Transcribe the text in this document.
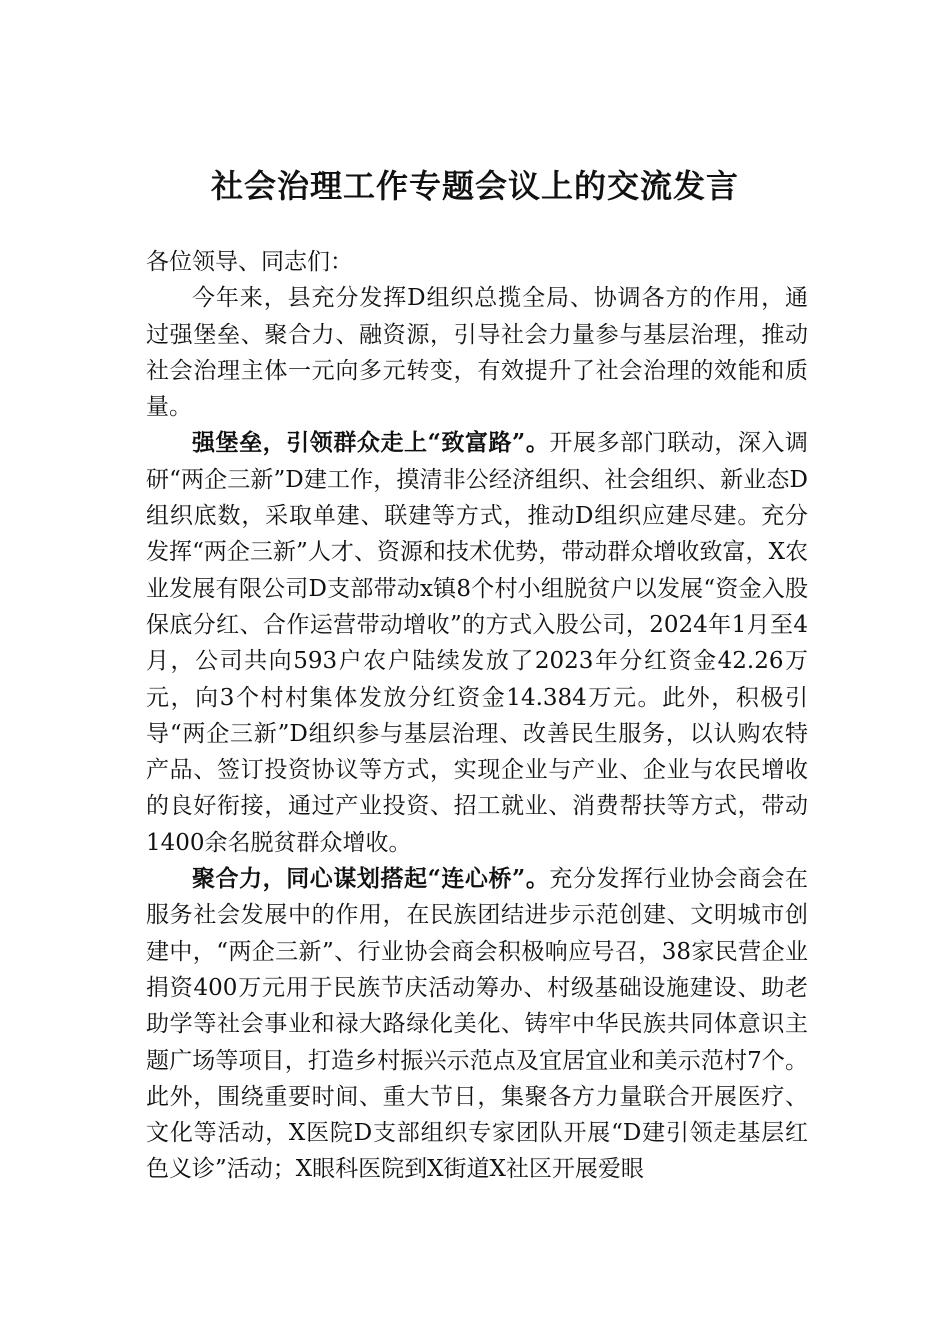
社会治理工作专题会议上的交流发言

各位领导、同志们：

今年来，县充分发挥D组织总揽全局、协调各方的作用，通过强堡垒、聚合力、融资源，引导社会力量参与基层治理，推动社会治理主体一元向多元转变，有效提升了社会治理的效能和质量。

强堡垒，引领群众走上“致富路”。开展多部门联动，深入调研“两企三新”D建工作，摸清非公经济组织、社会组织、新业态D组织底数，采取单建、联建等方式，推动D组织应建尽建。充分发挥“两企三新”人才、资源和技术优势，带动群众增收致富，X农业发展有限公司D支部带动x镇8个村小组脱贫户以发展“资金入股保底分红、合作运营带动增收”的方式入股公司，2024年1月至4月，公司共向593户农户陆续发放了2023年分红资金42.26万元，向3个村村集体发放分红资金14.384万元。此外，积极引导“两企三新”D组织参与基层治理、改善民生服务，以认购农特产品、签订投资协议等方式，实现企业与产业、企业与农民增收的良好衔接，通过产业投资、招工就业、消费帮扶等方式，带动1400余名脱贫群众增收。

聚合力，同心谋划搭起“连心桥”。充分发挥行业协会商会在服务社会发展中的作用，在民族团结进步示范创建、文明城市创建中，“两企三新”、行业协会商会积极响应号召，38家民营企业捐资400万元用于民族节庆活动筹办、村级基础设施建设、助老助学等社会事业和禄大路绿化美化、铸牢中华民族共同体意识主题广场等项目，打造乡村振兴示范点及宜居宜业和美示范村7个。此外，围绕重要时间、重大节日，集聚各方力量联合开展医疗、文化等活动，X医院D支部组织专家团队开展“D建引领走基层红色义诊”活动；X眼科医院到X街道X社区开展爱眼
